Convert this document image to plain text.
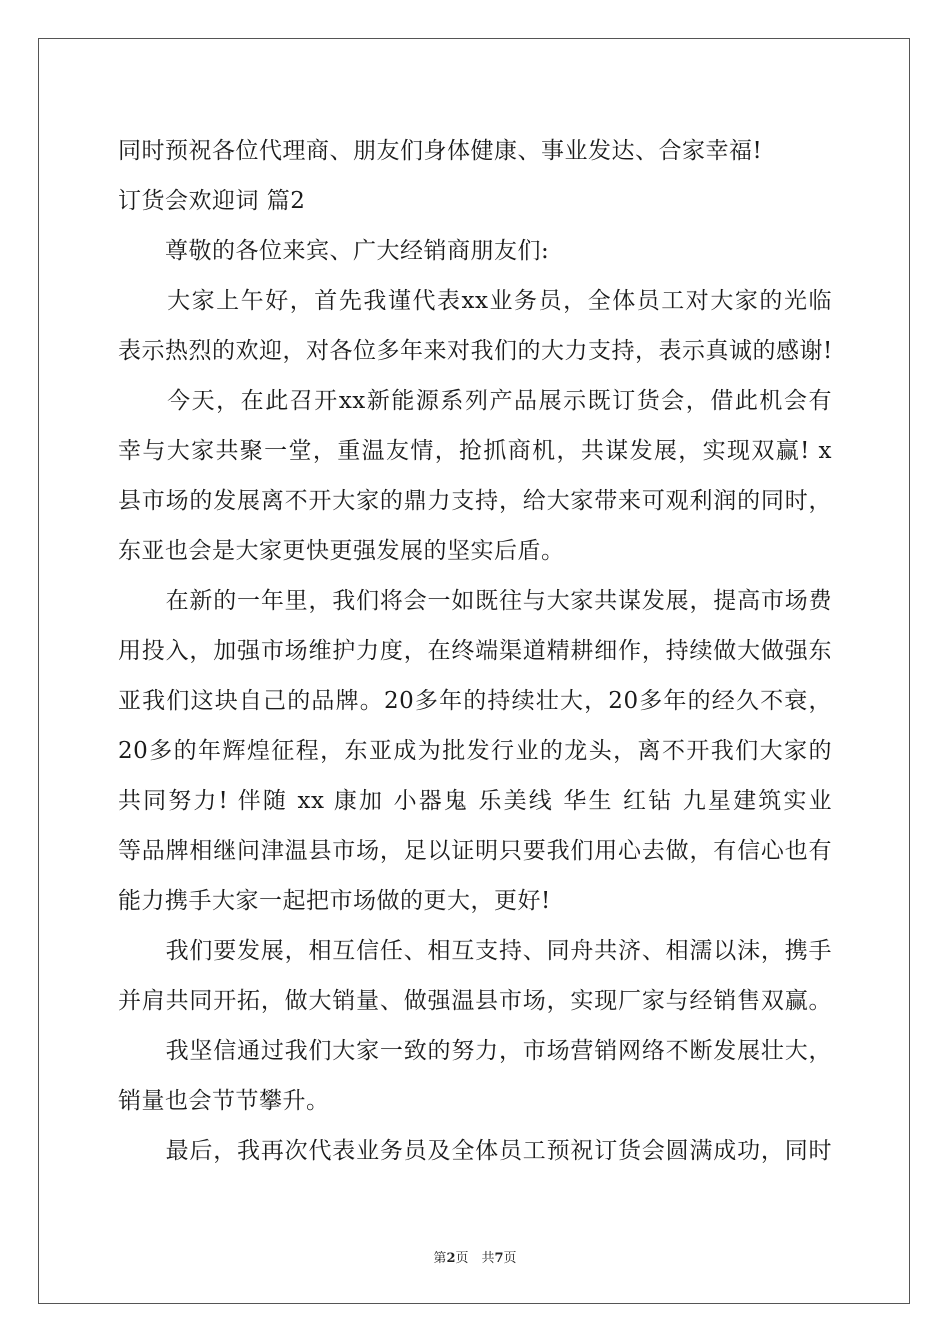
同时预祝各位代理商、朋友们身体健康、事业发达、合家幸福!
订货会欢迎词 篇2
　　尊敬的各位来宾、广大经销商朋友们:
　　大家上午好，首先我谨代表xx业务员，全体员工对大家的光临
表示热烈的欢迎，对各位多年来对我们的大力支持，表示真诚的感谢!
　　今天，在此召开xx新能源系列产品展示既订货会，借此机会有
幸与大家共聚一堂，重温友情，抢抓商机，共谋发展，实现双赢! x
县市场的发展离不开大家的鼎力支持，给大家带来可观利润的同时，
东亚也会是大家更快更强发展的坚实后盾。
　　在新的一年里，我们将会一如既往与大家共谋发展，提高市场费
用投入，加强市场维护力度，在终端渠道精耕细作，持续做大做强东
亚我们这块自己的品牌。20多年的持续壮大，20多年的经久不衰，
20多的年辉煌征程，东亚成为批发行业的龙头，离不开我们大家的
共同努力! 伴随 xx 康加 小器鬼 乐美线 华生 红钻 九星建筑实业
等品牌相继问津温县市场，足以证明只要我们用心去做，有信心也有
能力携手大家一起把市场做的更大，更好!
　　我们要发展，相互信任、相互支持、同舟共济、相濡以沫，携手
并肩共同开拓，做大销量、做强温县市场，实现厂家与经销售双赢。
　　我坚信通过我们大家一致的努力，市场营销网络不断发展壮大，
销量也会节节攀升。
　　最后，我再次代表业务员及全体员工预祝订货会圆满成功，同时
第2页　共7页
